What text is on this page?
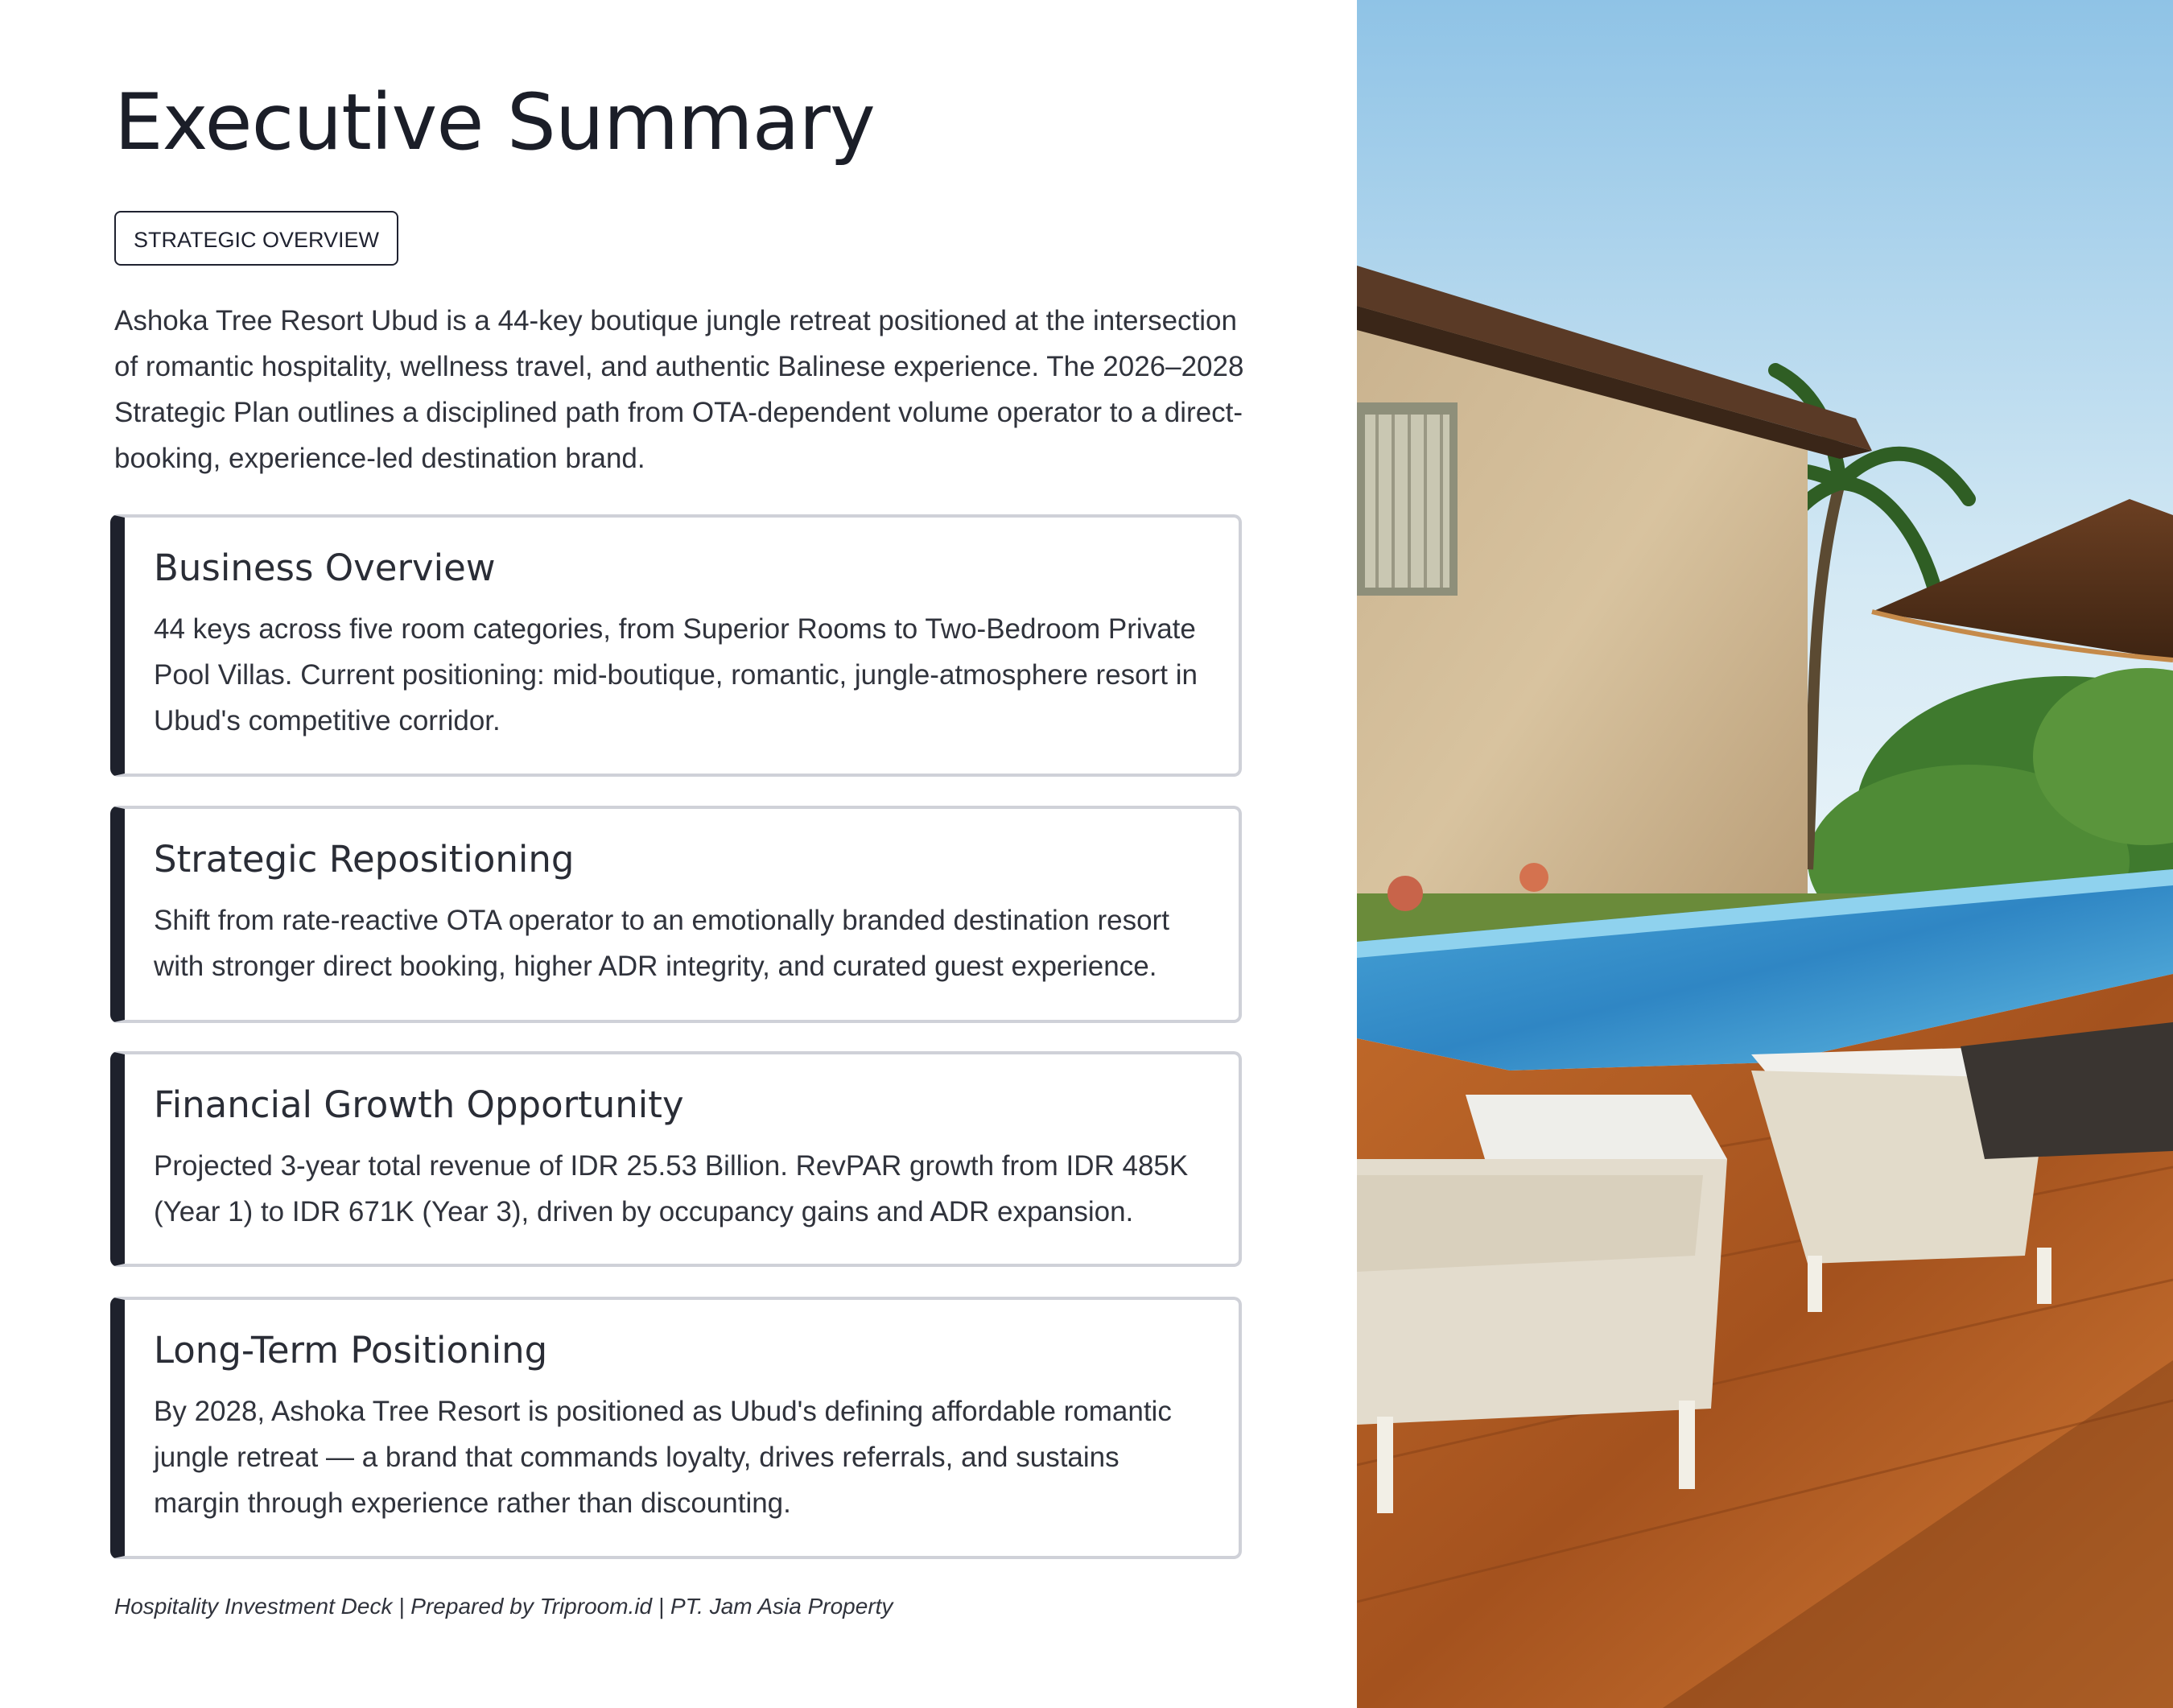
Executive Summary
STRATEGIC OVERVIEW

Ashoka Tree Resort Ubud is a 44-key boutique jungle retreat positioned at the intersection of romantic hospitality, wellness travel, and authentic Balinese experience. The 2026–2028 Strategic Plan outlines a disciplined path from OTA-dependent volume operator to a direct-booking, experience-led destination brand.

Business Overview

44 keys across five room categories, from Superior Rooms to Two-Bedroom Private Pool Villas. Current positioning: mid-boutique, romantic, jungle-atmosphere resort in Ubud's competitive corridor.

Strategic Repositioning

Shift from rate-reactive OTA operator to an emotionally branded destination resort with stronger direct booking, higher ADR integrity, and curated guest experience.

Financial Growth Opportunity

Projected 3-year total revenue of IDR 25.53 Billion. RevPAR growth from IDR 485K (Year 1) to IDR 671K (Year 3), driven by occupancy gains and ADR expansion.

Long-Term Positioning

By 2028, Ashoka Tree Resort is positioned as Ubud's defining affordable romantic jungle retreat — a brand that commands loyalty, drives referrals, and sustains margin through experience rather than discounting.

Hospitality Investment Deck | Prepared by Triproom.id | PT. Jam Asia Property
